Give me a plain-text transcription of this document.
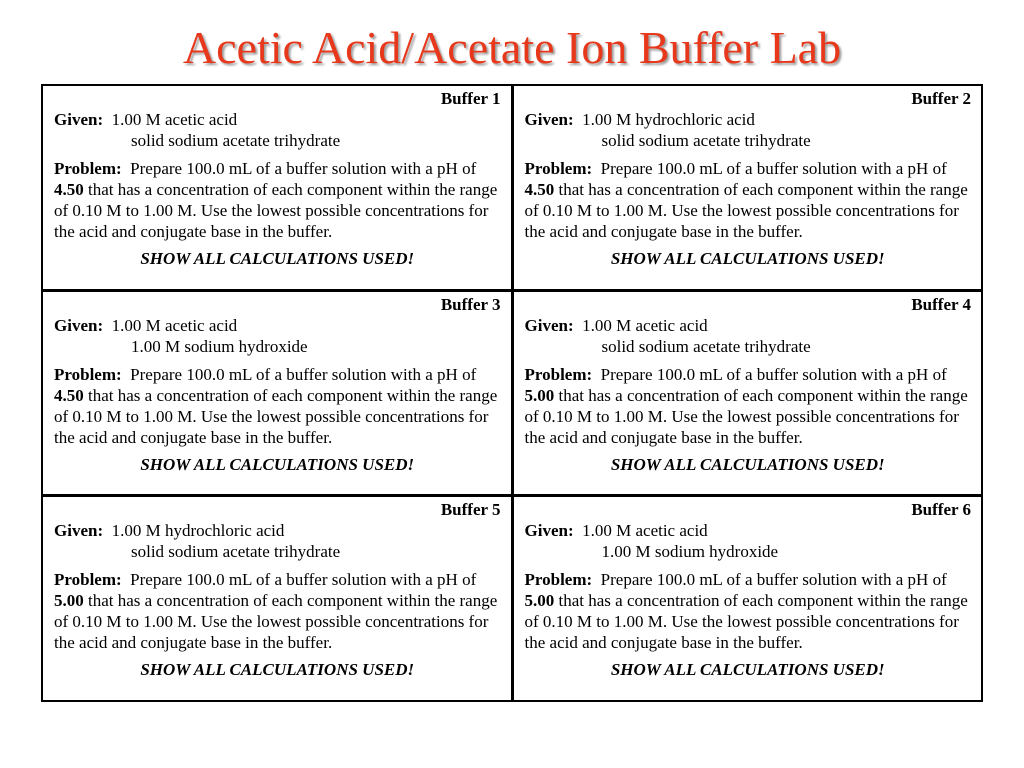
Acetic Acid/Acetate Ion Buffer Lab
Buffer 1
Given: 1.00 M acetic acid
solid sodium acetate trihydrate
Problem: Prepare 100.0 mL of a buffer solution with a pH of 4.50 that has a concentration of each component within the range of 0.10 M to 1.00 M. Use the lowest possible concentrations for the acid and conjugate base in the buffer.
SHOW ALL CALCULATIONS USED!
Buffer 2
Given: 1.00 M hydrochloric acid
solid sodium acetate trihydrate
Problem: Prepare 100.0 mL of a buffer solution with a pH of 4.50 that has a concentration of each component within the range of 0.10 M to 1.00 M. Use the lowest possible concentrations for the acid and conjugate base in the buffer.
SHOW ALL CALCULATIONS USED!
Buffer 3
Given: 1.00 M acetic acid
1.00 M sodium hydroxide
Problem: Prepare 100.0 mL of a buffer solution with a pH of 4.50 that has a concentration of each component within the range of 0.10 M to 1.00 M. Use the lowest possible concentrations for the acid and conjugate base in the buffer.
SHOW ALL CALCULATIONS USED!
Buffer 4
Given: 1.00 M acetic acid
solid sodium acetate trihydrate
Problem: Prepare 100.0 mL of a buffer solution with a pH of 5.00 that has a concentration of each component within the range of 0.10 M to 1.00 M. Use the lowest possible concentrations for the acid and conjugate base in the buffer.
SHOW ALL CALCULATIONS USED!
Buffer 5
Given: 1.00 M hydrochloric acid
solid sodium acetate trihydrate
Problem: Prepare 100.0 mL of a buffer solution with a pH of 5.00 that has a concentration of each component within the range of 0.10 M to 1.00 M. Use the lowest possible concentrations for the acid and conjugate base in the buffer.
SHOW ALL CALCULATIONS USED!
Buffer 6
Given: 1.00 M acetic acid
1.00 M sodium hydroxide
Problem: Prepare 100.0 mL of a buffer solution with a pH of 5.00 that has a concentration of each component within the range of 0.10 M to 1.00 M. Use the lowest possible concentrations for the acid and conjugate base in the buffer.
SHOW ALL CALCULATIONS USED!
